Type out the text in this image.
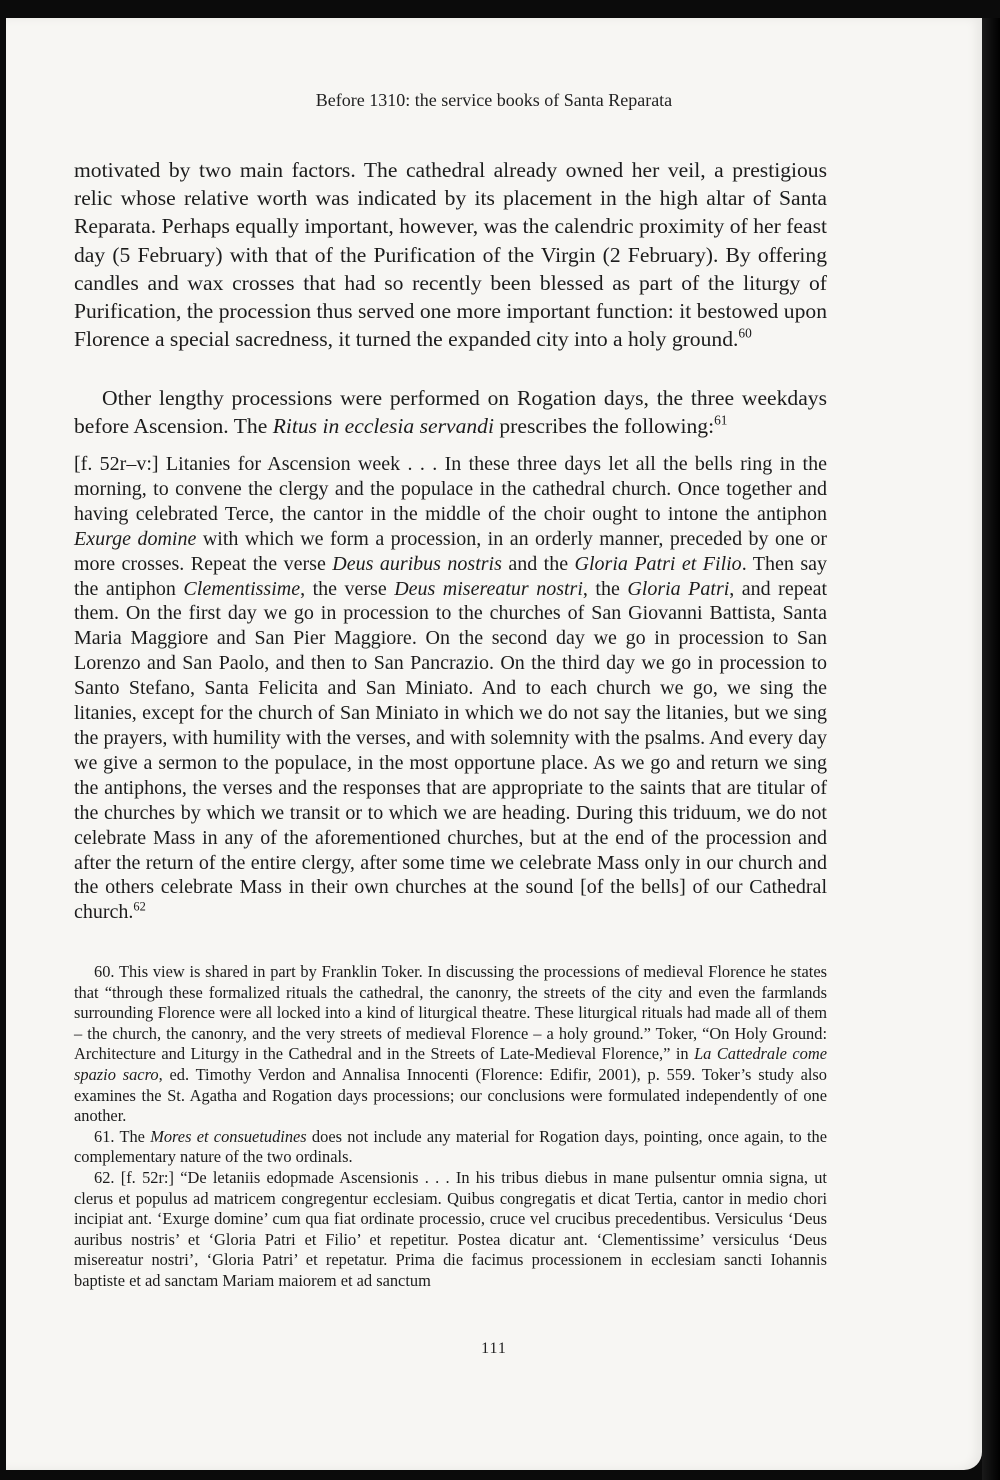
Before 1310: the service books of Santa Reparata

motivated by two main factors. The cathedral already owned her veil, a prestigious relic whose relative worth was indicated by its placement in the high altar of Santa Reparata. Perhaps equally important, however, was the calendric proximity of her feast day (5 February) with that of the Purification of the Virgin (2 February). By offering candles and wax crosses that had so recently been blessed as part of the liturgy of Purification, the procession thus served one more important function: it bestowed upon Florence a special sacredness, it turned the expanded city into a holy ground.$^{60}$

Other lengthy processions were performed on Rogation days, the three weekdays before Ascension. The Ritus in ecclesia servandi prescribes the following:$^{61}$

[f. 52r–v:] Litanies for Ascension week . . . In these three days let all the bells ring in the morning, to convene the clergy and the populace in the cathedral church. Once together and having celebrated Terce, the cantor in the middle of the choir ought to intone the antiphon Exurge domine with which we form a procession, in an orderly manner, preceded by one or more crosses. Repeat the verse Deus auribus nostris and the Gloria Patri et Filio. Then say the antiphon Clementissime, the verse Deus misereatur nostri, the Gloria Patri, and repeat them. On the first day we go in procession to the churches of San Giovanni Battista, Santa Maria Maggiore and San Pier Maggiore. On the second day we go in procession to San Lorenzo and San Paolo, and then to San Pancrazio. On the third day we go in procession to Santo Stefano, Santa Felicita and San Miniato. And to each church we go, we sing the litanies, except for the church of San Miniato in which we do not say the litanies, but we sing the prayers, with humility with the verses, and with solemnity with the psalms. And every day we give a sermon to the populace, in the most opportune place. As we go and return we sing the antiphons, the verses and the responses that are appropriate to the saints that are titular of the churches by which we transit or to which we are heading. During this triduum, we do not celebrate Mass in any of the aforementioned churches, but at the end of the procession and after the return of the entire clergy, after some time we celebrate Mass only in our church and the others celebrate Mass in their own churches at the sound [of the bells] of our Cathedral church.$^{62}$

60. This view is shared in part by Franklin Toker. In discussing the processions of medieval Florence he states that “through these formalized rituals the cathedral, the canonry, the streets of the city and even the farmlands surrounding Florence were all locked into a kind of liturgical theatre. These liturgical rituals had made all of them – the church, the canonry, and the very streets of medieval Florence – a holy ground.” Toker, “On Holy Ground: Architecture and Liturgy in the Cathedral and in the Streets of Late-Medieval Florence,” in La Cattedrale come spazio sacro, ed. Timothy Verdon and Annalisa Innocenti (Florence: Edifir, 2001), p. 559. Toker’s study also examines the St. Agatha and Rogation days processions; our conclusions were formulated independently of one another.

61. The Mores et consuetudines does not include any material for Rogation days, pointing, once again, to the complementary nature of the two ordinals.

62. [f. 52r:] “De letaniis edopmade Ascensionis . . . In his tribus diebus in mane pulsentur omnia signa, ut clerus et populus ad matricem congregentur ecclesiam. Quibus congregatis et dicat Tertia, cantor in medio chori incipiat ant. ‘Exurge domine’ cum qua fiat ordinate processio, cruce vel crucibus precedentibus. Versiculus ‘Deus auribus nostris’ et ‘Gloria Patri et Filio’ et repetitur. Postea dicatur ant. ‘Clementissime’ versiculus ‘Deus misereatur nostri’, ‘Gloria Patri’ et repetatur. Prima die facimus processionem in ecclesiam sancti Iohannis baptiste et ad sanctam Mariam maiorem et ad sanctum

111
